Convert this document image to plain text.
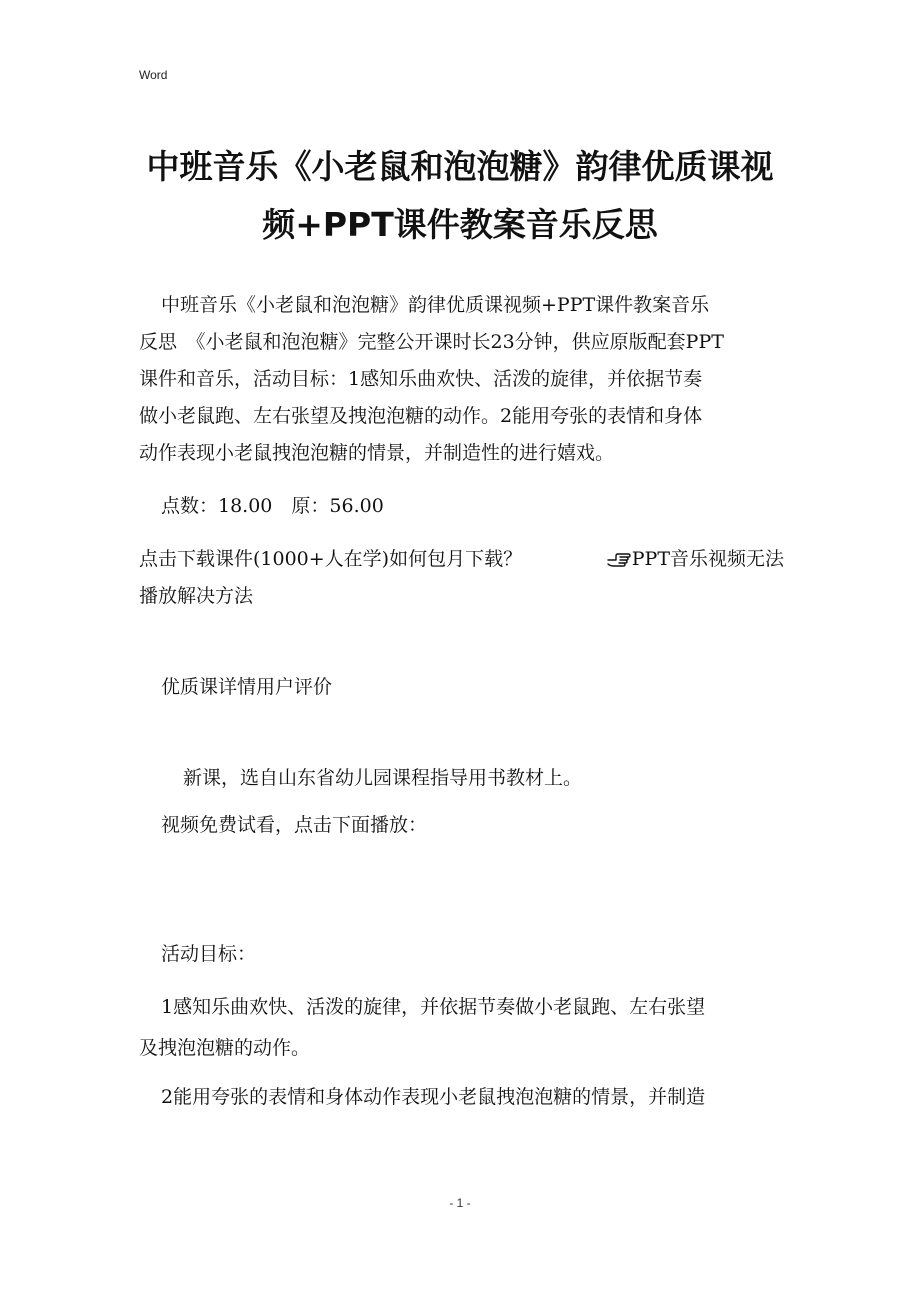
Word
中班音乐《小老鼠和泡泡糖》韵律优质课视
频+PPT课件教案音乐反思

中班音乐《小老鼠和泡泡糖》韵律优质课视频+PPT课件教案音乐

反思　《小老鼠和泡泡糖》完整公开课时长23分钟，供应原版配套PPT

课件和音乐，活动目标：1感知乐曲欢快、活泼的旋律，并依据节奏

做小老鼠跑、左右张望及拽泡泡糖的动作。2能用夸张的表情和身体

动作表现小老鼠拽泡泡糖的情景，并制造性的进行嬉戏。

点数：18.00　原：56.00

点击下载课件(1000+人在学)如何包月下载？	PPT音乐视频无法

播放解决方法

优质课详情用户评价

新课，选自山东省幼儿园课程指导用书教材上。

视频免费试看，点击下面播放：

活动目标：

1感知乐曲欢快、活泼的旋律，并依据节奏做小老鼠跑、左右张望

及拽泡泡糖的动作。

2能用夸张的表情和身体动作表现小老鼠拽泡泡糖的情景，并制造

- 1 -
